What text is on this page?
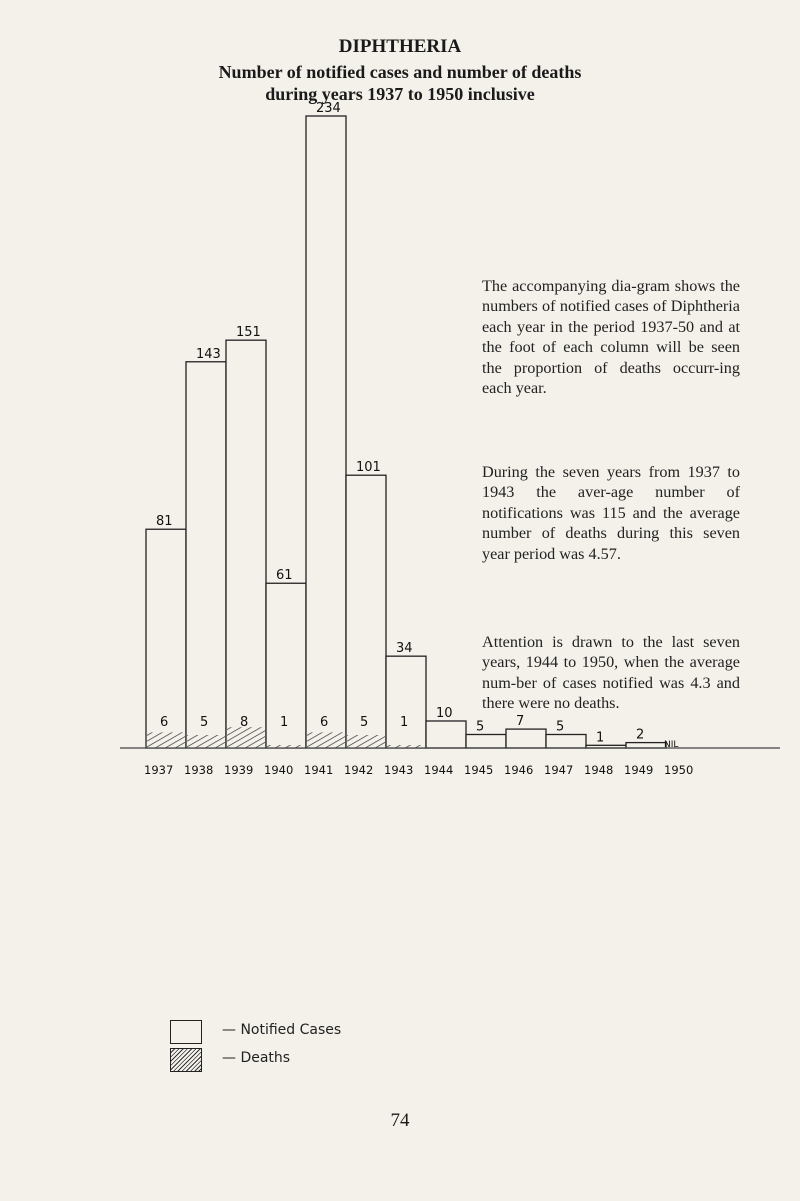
DIPHTHERIA
Number of notified cases and number of deaths
during years 1937 to 1950 inclusive
81
6
1937
143
5
1938
151
8
1939
61
1
1940
234
6
1941
101
5
1942
34
1
1943
10
1944
5
1945
7
1946
5
1947
1
1948
2
1949
NIL
1950
The accompanying dia-gram shows the numbers of notified cases of Diphtheria each year in the period 1937-50 and at the foot of each column will be seen the proportion of deaths occurr-ing each year.
During the seven years from 1937 to 1943 the aver-age number of notifications was 115 and the average number of deaths during this seven year period was 4.57.
Attention is drawn to the last seven years, 1944 to 1950, when the average num-ber of cases notified was 4.3 and there were no deaths.
— Notified Cases
— Deaths
74
